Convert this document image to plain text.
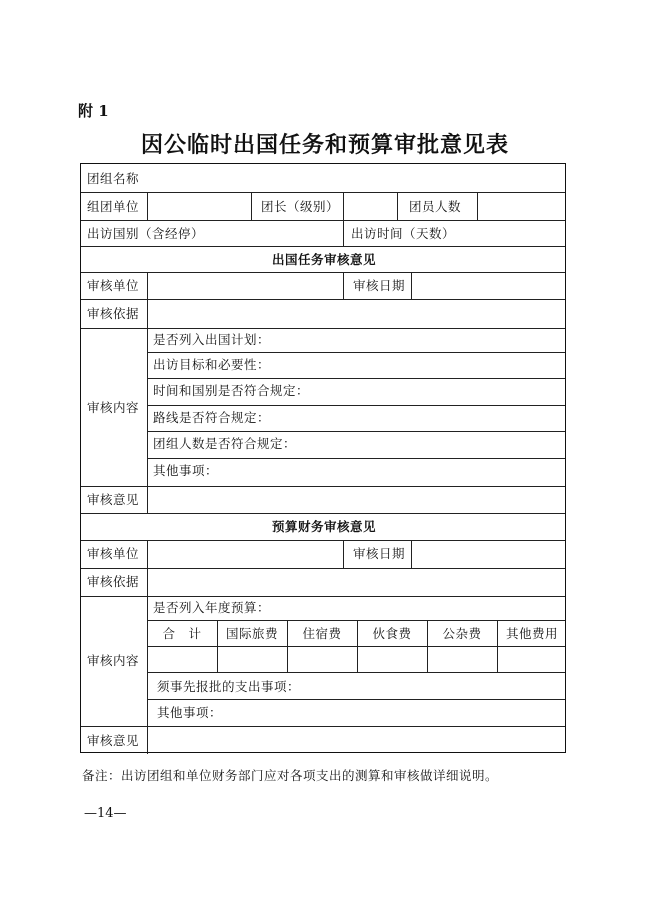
附 1
因公临时出国任务和预算审批意见表
团组名称
组团单位	团长（级别）	团员人数
出访国别（含经停）	出访时间（天数）
出国任务审核意见
审核单位	审核日期
审核依据
审核内容
是否列入出国计划：
出访目标和必要性：
时间和国别是否符合规定：
路线是否符合规定：
团组人数是否符合规定：
其他事项：
审核意见
预算财务审核意见
审核单位	审核日期
审核依据
审核内容
是否列入年度预算：
合　计	国际旅费	住宿费	伙食费	公杂费	其他费用
须事先报批的支出事项：
其他事项：
审核意见
备注：出访团组和单位财务部门应对各项支出的测算和审核做详细说明。
—14—
